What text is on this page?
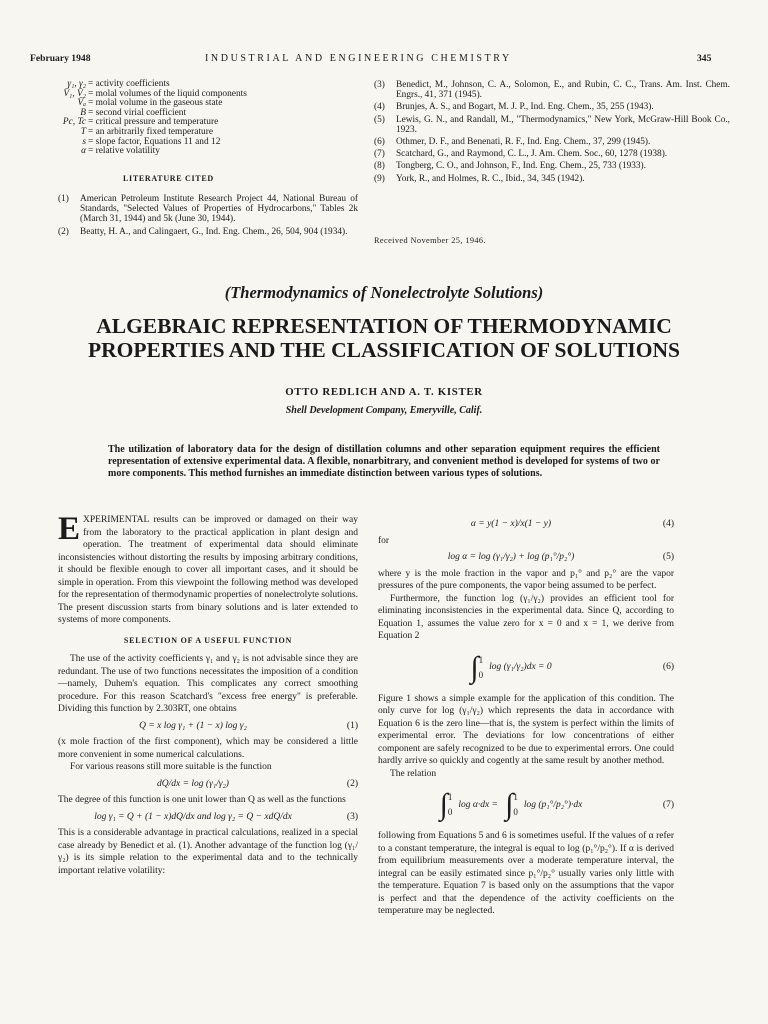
February 1948	INDUSTRIAL AND ENGINEERING CHEMISTRY	345
γ₁, γ₂ = activity coefficients
V̄₁, V̄₂ = molal volumes of the liquid components
V̄ₐ = molal volume in the gaseous state
B = second virial coefficient
Pc, Tc = critical pressure and temperature
T = an arbitrarily fixed temperature
s = slope factor, Equations 11 and 12
α = relative volatility
LITERATURE CITED
(1)	American Petroleum Institute Research Project 44, National Bureau of Standards, "Selected Values of Properties of Hydrocarbons," Tables 2k (March 31, 1944) and 5k (June 30, 1944).
(2)	Beatty, H. A., and Calingaert, G., Ind. Eng. Chem., 26, 504, 904 (1934).
(3)	Benedict, M., Johnson, C. A., Solomon, E., and Rubin, C. C., Trans. Am. Inst. Chem. Engrs., 41, 371 (1945).
(4)	Brunjes, A. S., and Bogart, M. J. P., Ind. Eng. Chem., 35, 255 (1943).
(5)	Lewis, G. N., and Randall, M., "Thermodynamics," New York, McGraw-Hill Book Co., 1923.
(6)	Othmer, D. F., and Benenati, R. F., Ind. Eng. Chem., 37, 299 (1945).
(7)	Scatchard, G., and Raymond, C. L., J. Am. Chem. Soc., 60, 1278 (1938).
(8)	Tongberg, C. O., and Johnson, F., Ind. Eng. Chem., 25, 733 (1933).
(9)	York, R., and Holmes, R. C., Ibid., 34, 345 (1942).
Received November 25, 1946.
(Thermodynamics of Nonelectrolyte Solutions)
ALGEBRAIC REPRESENTATION OF THERMODYNAMIC
PROPERTIES AND THE CLASSIFICATION OF SOLUTIONS
OTTO REDLICH AND A. T. KISTER
Shell Development Company, Emeryville, Calif.
The utilization of laboratory data for the design of distillation columns and other separation equipment requires the efficient representation of extensive experimental data. A flexible, nonarbitrary, and convenient method is developed for systems of two or more components. This method furnishes an immediate distinction between various types of solutions.

EXPERIMENTAL results can be improved or damaged on their way from the laboratory to the practical application in plant design and operation. The treatment of experimental data should eliminate inconsistencies without distorting the results by imposing arbitrary conditions, it should be flexible enough to cover all important cases, and it should be simple in operation. From this viewpoint the following method was developed for the representation of thermodynamic properties of nonelectrolyte solutions. The present discussion starts from binary solutions and is later extended to systems of more components.

SELECTION OF A USEFUL FUNCTION

The use of the activity coefficients γ₁ and γ₂ is not advisable since they are redundant. The use of two functions necessitates the imposition of a condition—namely, Duhem's equation. This complicates any correct smoothing procedure. For this reason Scatchard's "excess free energy" is preferable. Dividing this function by 2.303RT, one obtains

Q = x log γ₁ + (1 − x) log γ₂	(1)

(x mole fraction of the first component), which may be considered a little more convenient in some numerical calculations.

For various reasons still more suitable is the function

dQ/dx = log (γ₁/γ₂)	(2)

The degree of this function is one unit lower than Q as well as the functions

log γ₁ = Q + (1 − x)dQ/dx and log γ₂ = Q − xdQ/dx	(3)

This is a considerable advantage in practical calculations, realized in a special case already by Benedict et al. (1). Another advantage of the function log (γ₁/γ₂) is its simple relation to the experimental data and to the technically important relative volatility:

α = y(1 − x)/x(1 − y)	(4)
for
log α = log (γ₁/γ₂) + log (p₁°/p₂°)	(5)

where y is the mole fraction in the vapor and p₁° and p₂° are the vapor pressures of the pure components, the vapor being assumed to be perfect.

Furthermore, the function log (γ₁/γ₂) provides an efficient tool for eliminating inconsistencies in the experimental data. Since Q, according to Equation 1, assumes the value zero for x = 0 and x = 1, we derive from Equation 2

∫ 1
0
log (γ₁/γ₂)dx = 0	(6)

Figure 1 shows a simple example for the application of this condition. The only curve for log (γ₁/γ₂) which represents the data in accordance with Equation 6 is the zero line—that is, the system is perfect within the limits of experimental error. The deviations for low concentrations of either component are safely recognized to be due to experimental errors. One could hardly arrive so quickly and cogently at the same result by another method.

The relation

∫ 1
0
log α·dx =
∫ 1
0
log (p₁°/p₂°)·dx	(7)

following from Equations 5 and 6 is sometimes useful. If the values of α refer to a constant temperature, the integral is equal to log (p₁°/p₂°). If α is derived from equilibrium measurements over a moderate temperature interval, the integral can be easily estimated since p₁°/p₂° usually varies only little with the temperature. Equation 7 is based only on the assumptions that the vapor is perfect and that the dependence of the activity coefficients on the temperature may be neglected.
